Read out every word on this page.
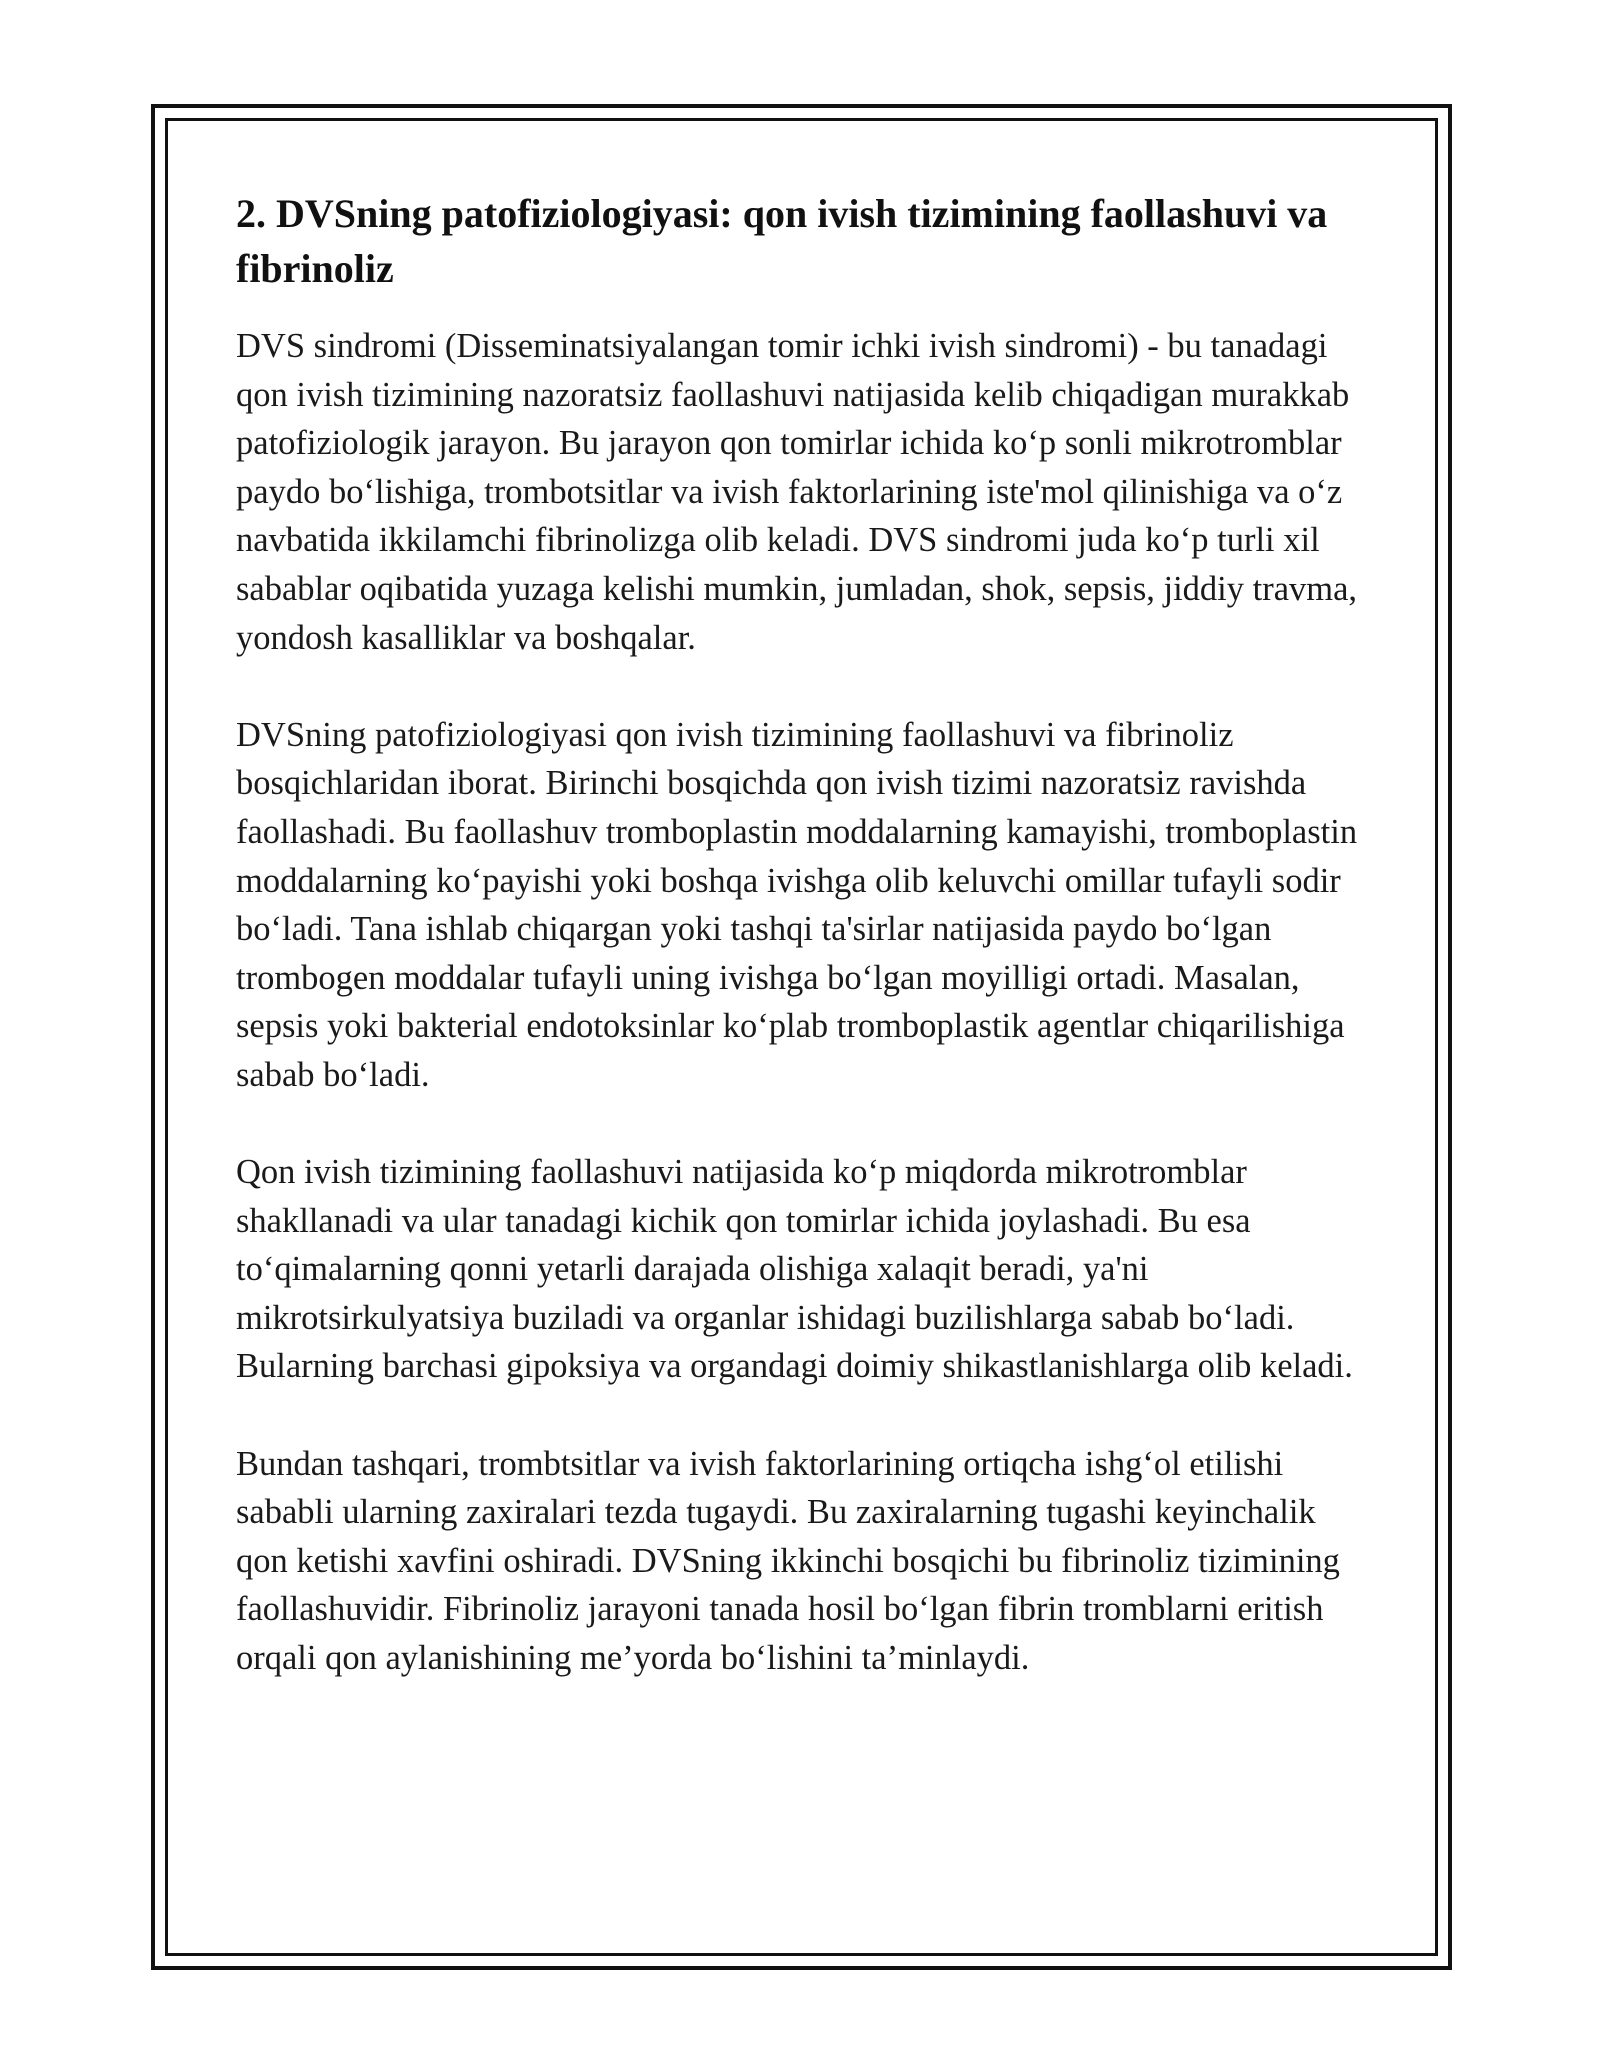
2. DVSning patofiziologiyasi: qon ivish tizimining faollashuvi va fibrinoliz

DVS sindromi (Disseminatsiyalangan tomir ichki ivish sindromi) - bu tanadagi qon ivish tizimining nazoratsiz faollashuvi natijasida kelib chiqadigan murakkab patofiziologik jarayon. Bu jarayon qon tomirlar ichida koʻp sonli mikrotromblar paydo boʻlishiga, trombotsitlar va ivish faktorlarining iste'mol qilinishiga va oʻz navbatida ikkilamchi fibrinolizga olib keladi. DVS sindromi juda koʻp turli xil sabablar oqibatida yuzaga kelishi mumkin, jumladan, shok, sepsis, jiddiy travma, yondosh kasalliklar va boshqalar.

DVSning patofiziologiyasi qon ivish tizimining faollashuvi va fibrinoliz bosqichlaridan iborat. Birinchi bosqichda qon ivish tizimi nazoratsiz ravishda faollashadi. Bu faollashuv tromboplastin moddalarning kamayishi, tromboplastin moddalarning koʻpayishi yoki boshqa ivishga olib keluvchi omillar tufayli sodir boʻladi. Tana ishlab chiqargan yoki tashqi ta'sirlar natijasida paydo boʻlgan trombogen moddalar tufayli uning ivishga boʻlgan moyilligi ortadi. Masalan, sepsis yoki bakterial endotoksinlar koʻplab tromboplastik agentlar chiqarilishiga sabab boʻladi.

Qon ivish tizimining faollashuvi natijasida koʻp miqdorda mikrotromblar shakllanadi va ular tanadagi kichik qon tomirlar ichida joylashadi. Bu esa toʻqimalarning qonni yetarli darajada olishiga xalaqit beradi, ya'ni mikrotsirkulyatsiya buziladi va organlar ishidagi buzilishlarga sabab boʻladi. Bularning barchasi gipoksiya va organdagi doimiy shikastlanishlarga olib keladi.

Bundan tashqari, trombtsitlar va ivish faktorlarining ortiqcha ishgʻol etilishi sababli ularning zaxiralari tezda tugaydi. Bu zaxiralarning tugashi keyinchalik qon ketishi xavfini oshiradi. DVSning ikkinchi bosqichi bu fibrinoliz tizimining faollashuvidir. Fibrinoliz jarayoni tanada hosil boʻlgan fibrin tromblarni eritish orqali qon aylanishining me’yorda boʻlishini ta’minlaydi.
